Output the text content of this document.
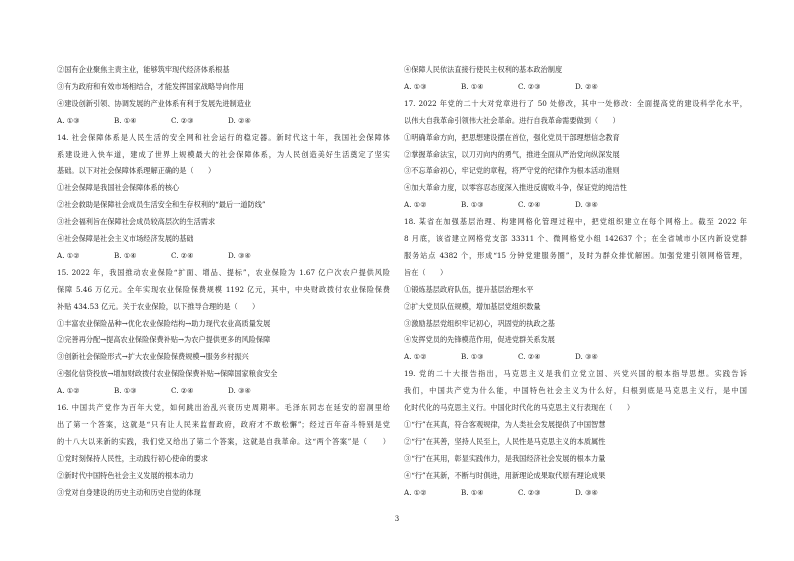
②国有企业聚焦主责主业，能够筑牢现代经济体系根基
③有为政府和有效市场相结合，才能发挥国家战略导向作用
④建设创新引领、协调发展的产业体系有利于发展先进制造业
A. ①③	B. ①④	C. ②③	D. ②④
14. 社会保障体系是人民生活的安全网和社会运行的稳定器。新时代这十年，我国社会保障体
系建设进入快车道，建成了世界上规模最大的社会保障体系，为人民创造美好生活奠定了坚实
基础。以下对社会保障体系理解正确的是（　　）
①社会保障是我国社会保障体系的核心
②社会救助是保障社会成员生活安全和生存权利的“最后一道防线”
③社会福利旨在保障社会成员较高层次的生活需求
④社会保障是社会主义市场经济发展的基础
A. ①②	B. ①④	C. ②④	D. ③④
15. 2022 年，我国推动农业保险“扩面、增品、提标”，农业保险为 1.67 亿户次农户提供风险
保障 5.46 万亿元。全年实现农业保险保费规模 1192 亿元，其中，中央财政拨付农业保险保费
补贴 434.53 亿元。关于农业保险，以下推导合理的是（　　）
①丰富农业保险品种→优化农业保险结构→助力现代农业高质量发展
②完善再分配→提高农业保险保费补贴→为农户提供更多的风险保障
③创新社会保险形式→扩大农业保险保费规模→服务乡村振兴
④强化信贷投放→增加财政拨付农业保险保费补贴→保障国家粮食安全
A. ①②	B. ①③	C. ②④	D. ③④
16. 中国共产党作为百年大党，如何跳出治乱兴衰历史周期率。毛泽东同志在延安的窑洞里给
出了第一个答案，这就是“只有让人民来监督政府，政府才不敢松懈”；经过百年奋斗特别是党
的十八大以来新的实践，我们党又给出了第二个答案，这就是自我革命。这“两个答案”是（　　）
①党时刻保持人民性，主动践行初心使命的要求
②新时代中国特色社会主义发展的根本动力
③党对自身建设的历史主动和历史自觉的体现
④保障人民依法直接行使民主权利的基本政治制度
A. ①③	B. ①④	C. ②③	D. ②④
17. 2022 年党的二十大对党章进行了 50 处修改，其中一处修改：全面提高党的建设科学化水平，
以伟大自我革命引领伟大社会革命。进行自我革命需要做到（　　）
①明确革命方向，把思想建设摆在首位，强化党员干部理想信念教育
②掌握革命法宝，以刀刃向内的勇气，推进全面从严治党向纵深发展
③不忘革命初心，牢记党的章程，将严守党的纪律作为根本活动准则
④加大革命力度，以零容忍态度深入推进反腐败斗争，保证党的纯洁性
A. ①②	B. ①③	C. ②④	D. ③④
18. 某省在加强基层治理、构建网格化管理过程中，把党组织建立在每个网格上。截至 2022 年
8 月底，该省建立网格党支部 33311 个、微网格党小组 142637 个；在全省城市小区内新设党群
服务站点 4382 个，形成“15 分钟党建服务圈”，及时为群众排忧解困。加强党建引领网格管理，
旨在（　　）
①锻炼基层政府队伍，提升基层治理水平
②扩大党员队伍规模，增加基层党组织数量
③激励基层党组织牢记初心，巩固党的执政之基
④发挥党员的先锋模范作用，促进党群关系发展
A. ①②	B. ①③	C. ②④	D. ③④
19. 党的二十大报告指出，马克思主义是我们立党立国、兴党兴国的根本指导思想。实践告诉
我们，中国共产党为什么能，中国特色社会主义为什么好，归根到底是马克思主义行，是中国
化时代化的马克思主义行。中国化时代化的马克思主义行表现在（　　）
①“行”在其真，符合客观规律，为人类社会发展提供了中国智慧
②“行”在其善，坚持人民至上，人民性是马克思主义的本质属性
③“行”在其用，彰显实践伟力，是我国经济社会发展的根本力量
④“行”在其新，不断与时俱进，用新理论成果取代原有理论成果
A. ①②	B. ①④	C. ②③	D. ③④
3
